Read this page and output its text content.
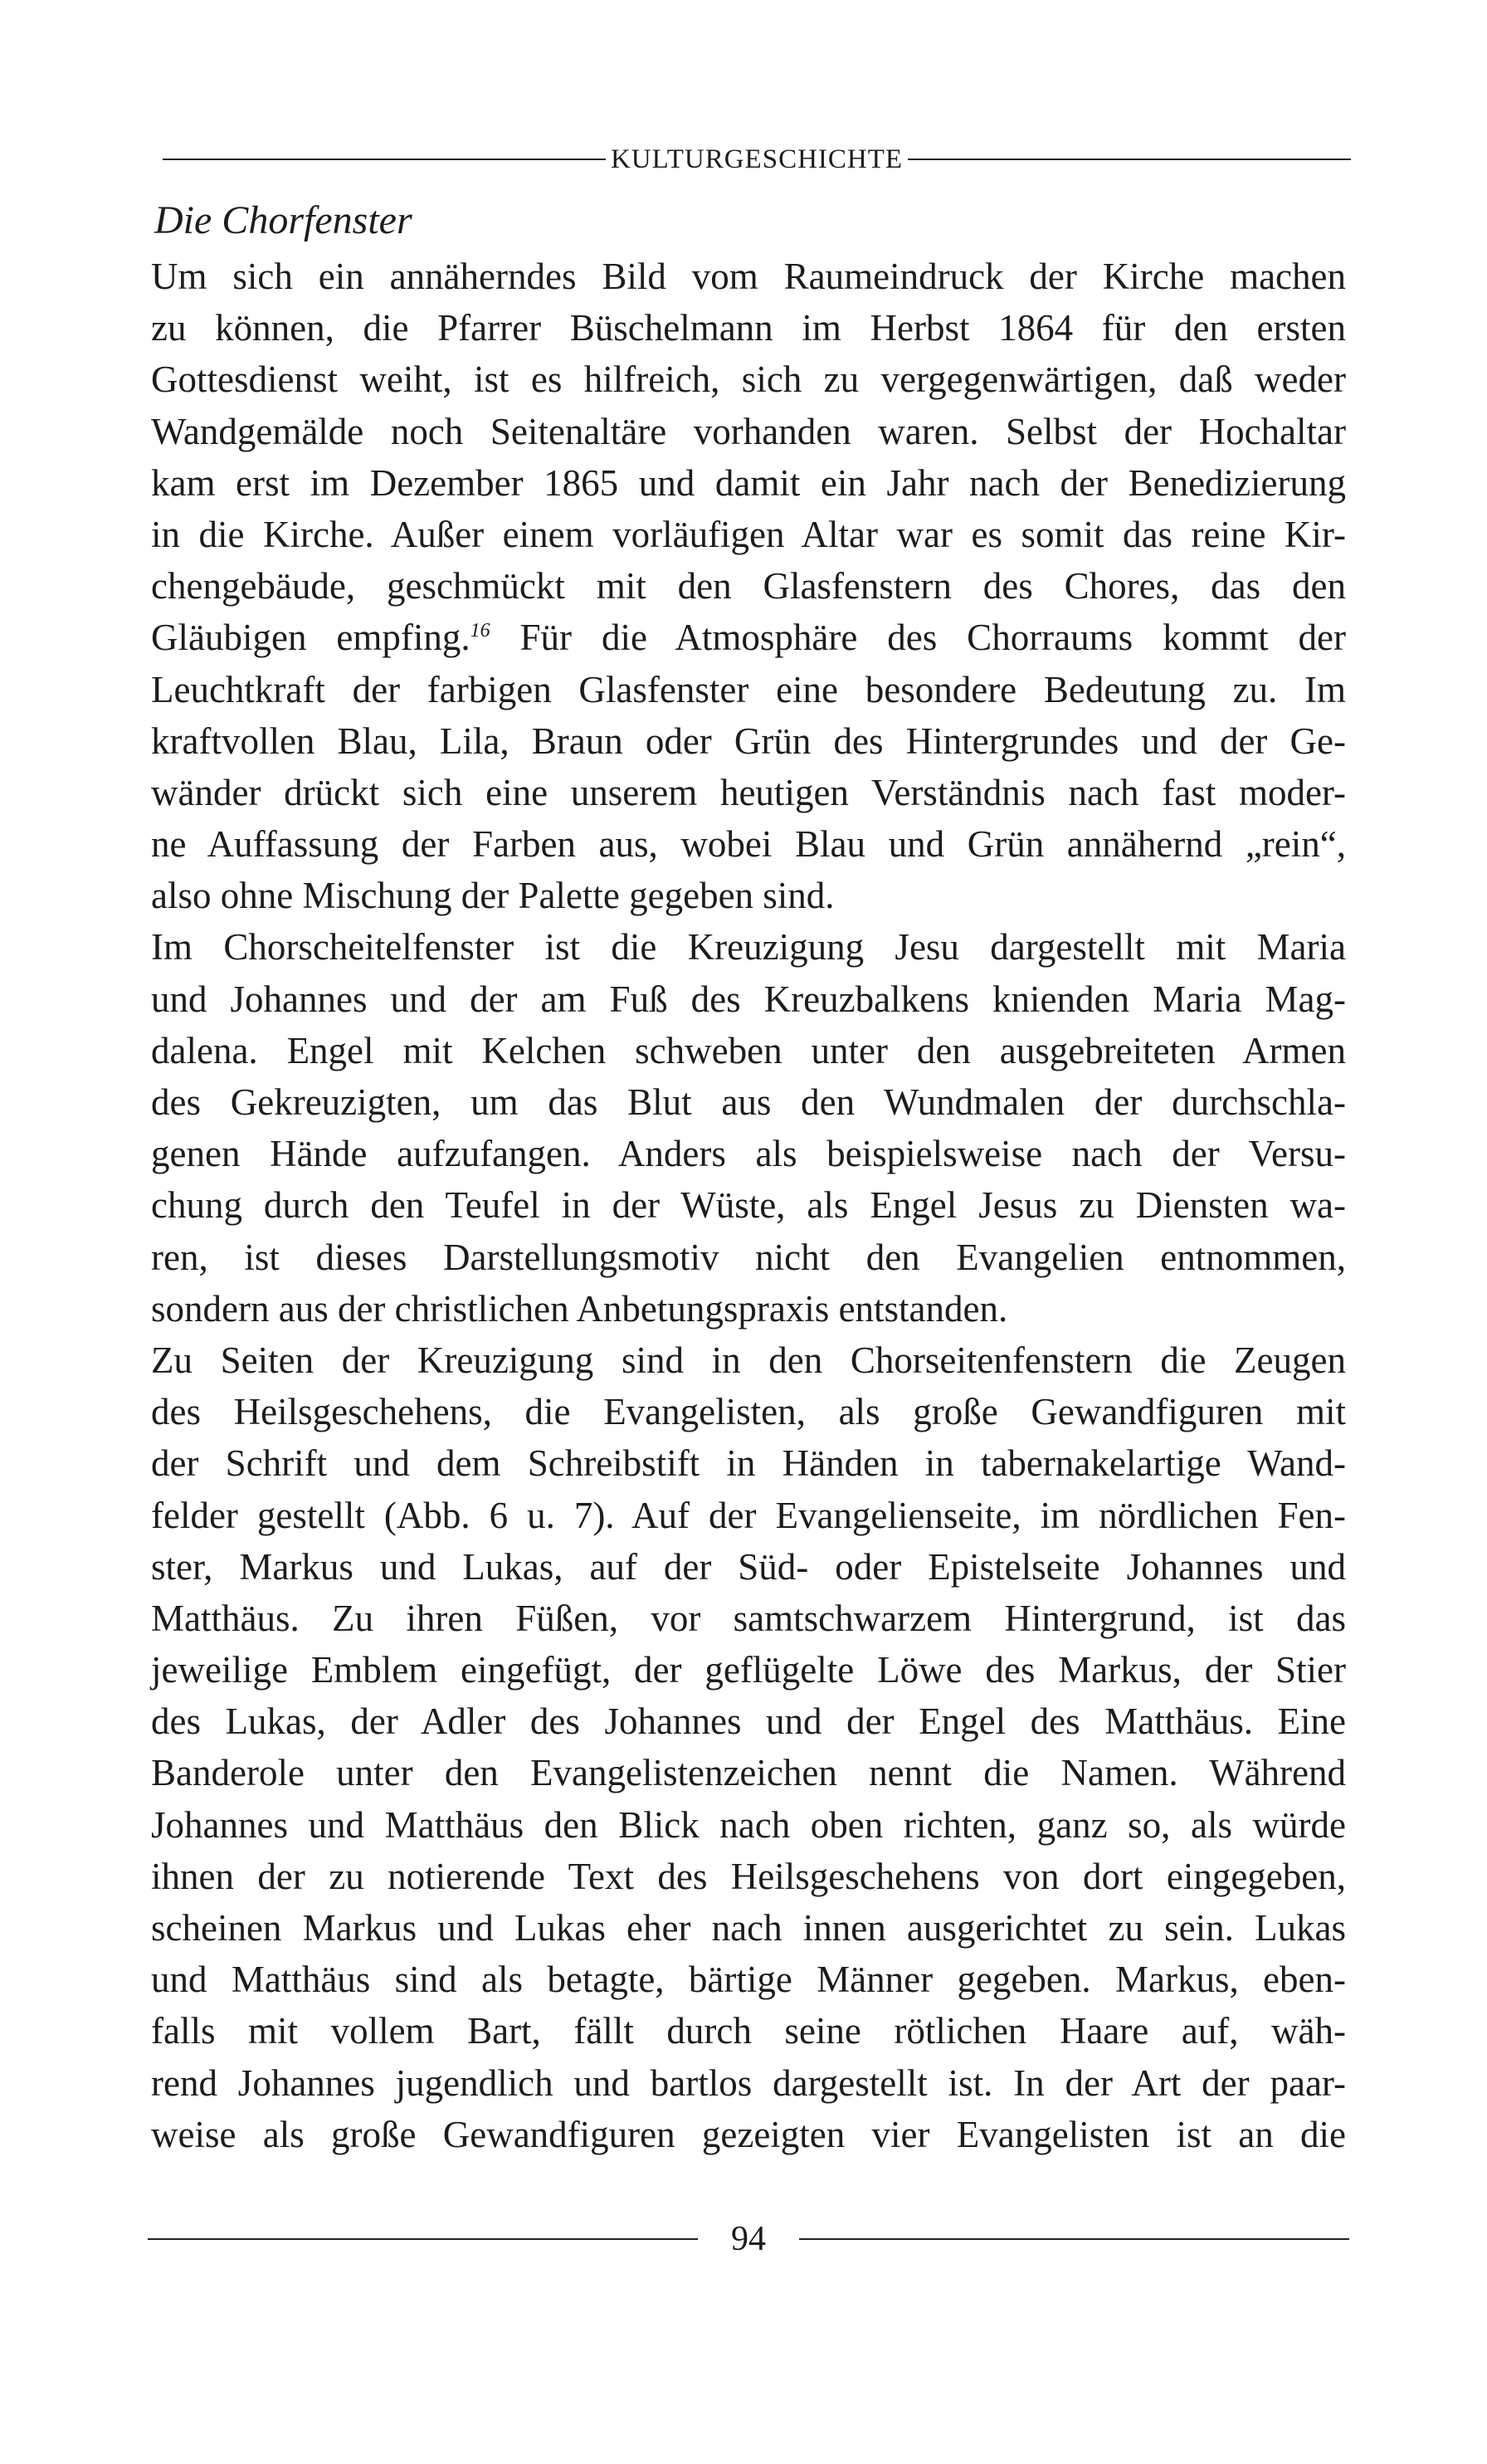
KULTURGESCHICHTE
Die Chorfenster
Um sich ein annäherndes Bild vom Raumeindruck der Kirche machen
zu können, die Pfarrer Büschelmann im Herbst 1864 für den ersten
Gottesdienst weiht, ist es hilfreich, sich zu vergegenwärtigen, daß weder
Wandgemälde noch Seitenaltäre vorhanden waren. Selbst der Hochaltar
kam erst im Dezember 1865 und damit ein Jahr nach der Benedizierung
in die Kirche. Außer einem vorläufigen Altar war es somit das reine Kir-
chengebäude, geschmückt mit den Glasfenstern des Chores, das den
Gläubigen empfing.$^{16}$ Für die Atmosphäre des Chorraums kommt der
Leuchtkraft der farbigen Glasfenster eine besondere Bedeutung zu. Im
kraftvollen Blau, Lila, Braun oder Grün des Hintergrundes und der Ge-
wänder drückt sich eine unserem heutigen Verständnis nach fast moder-
ne Auffassung der Farben aus, wobei Blau und Grün annähernd „rein“,
also ohne Mischung der Palette gegeben sind.
Im Chorscheitelfenster ist die Kreuzigung Jesu dargestellt mit Maria
und Johannes und der am Fuß des Kreuzbalkens knienden Maria Mag-
dalena. Engel mit Kelchen schweben unter den ausgebreiteten Armen
des Gekreuzigten, um das Blut aus den Wundmalen der durchschla-
genen Hände aufzufangen. Anders als beispielsweise nach der Versu-
chung durch den Teufel in der Wüste, als Engel Jesus zu Diensten wa-
ren, ist dieses Darstellungsmotiv nicht den Evangelien entnommen,
sondern aus der christlichen Anbetungspraxis entstanden.
Zu Seiten der Kreuzigung sind in den Chorseitenfenstern die Zeugen
des Heilsgeschehens, die Evangelisten, als große Gewandfiguren mit
der Schrift und dem Schreibstift in Händen in tabernakelartige Wand-
felder gestellt (Abb. 6 u. 7). Auf der Evangelienseite, im nördlichen Fen-
ster, Markus und Lukas, auf der Süd- oder Epistelseite Johannes und
Matthäus. Zu ihren Füßen, vor samtschwarzem Hintergrund, ist das
jeweilige Emblem eingefügt, der geflügelte Löwe des Markus, der Stier
des Lukas, der Adler des Johannes und der Engel des Matthäus. Eine
Banderole unter den Evangelistenzeichen nennt die Namen. Während
Johannes und Matthäus den Blick nach oben richten, ganz so, als würde
ihnen der zu notierende Text des Heilsgeschehens von dort eingegeben,
scheinen Markus und Lukas eher nach innen ausgerichtet zu sein. Lukas
und Matthäus sind als betagte, bärtige Männer gegeben. Markus, eben-
falls mit vollem Bart, fällt durch seine rötlichen Haare auf, wäh-
rend Johannes jugendlich und bartlos dargestellt ist. In der Art der paar-
weise als große Gewandfiguren gezeigten vier Evangelisten ist an die
94
